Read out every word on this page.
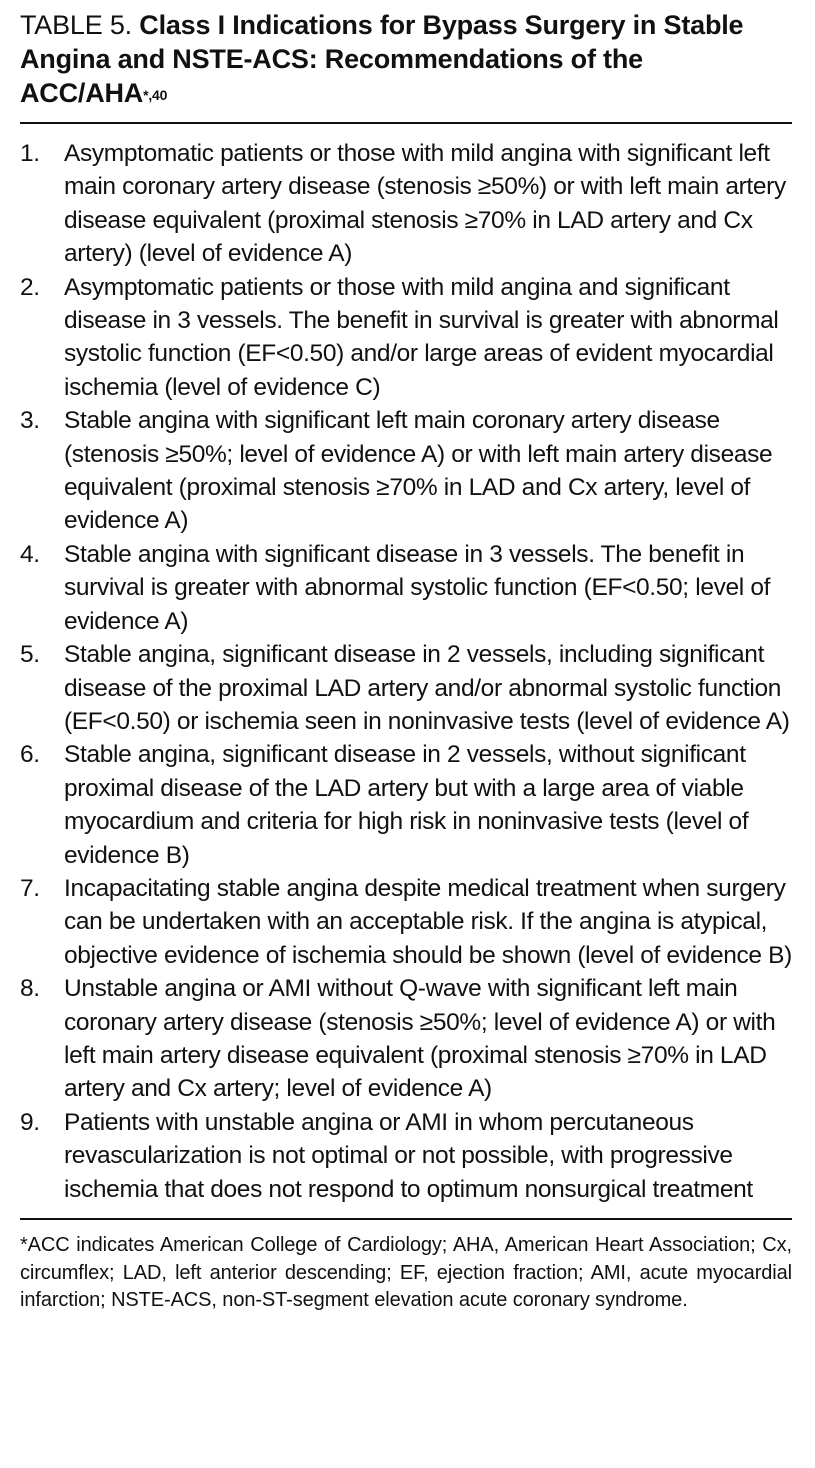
TABLE 5. Class I Indications for Bypass Surgery in Stable Angina and NSTE-ACS: Recommendations of the ACC/$AHA^{*,40}$
1. Asymptomatic patients or those with mild angina with significant left main coronary artery disease (stenosis ≥50%) or with left main artery disease equivalent (proximal stenosis ≥70% in LAD artery and Cx artery) (level of evidence A)
2. Asymptomatic patients or those with mild angina and significant disease in 3 vessels. The benefit in survival is greater with abnormal systolic function (EF<0.50) and/or large areas of evident myocardial ischemia (level of evidence C)
3. Stable angina with significant left main coronary artery disease (stenosis ≥50%; level of evidence A) or with left main artery disease equivalent (proximal stenosis ≥70% in LAD and Cx artery, level of evidence A)
4. Stable angina with significant disease in 3 vessels. The benefit in survival is greater with abnormal systolic function (EF<0.50; level of evidence A)
5. Stable angina, significant disease in 2 vessels, including significant disease of the proximal LAD artery and/or abnormal systolic function (EF<0.50) or ischemia seen in noninvasive tests (level of evidence A)
6. Stable angina, significant disease in 2 vessels, without significant proximal disease of the LAD artery but with a large area of viable myocardium and criteria for high risk in noninvasive tests (level of evidence B)
7. Incapacitating stable angina despite medical treatment when surgery can be undertaken with an acceptable risk. If the angina is atypical, objective evidence of ischemia should be shown (level of evidence B)
8. Unstable angina or AMI without Q-wave with significant left main coronary artery disease (stenosis ≥50%; level of evidence A) or with left main artery disease equivalent (proximal stenosis ≥70% in LAD artery and Cx artery; level of evidence A)
9. Patients with unstable angina or AMI in whom percutaneous revascularization is not optimal or not possible, with progressive ischemia that does not respond to optimum nonsurgical treatment

*ACC indicates American College of Cardiology; AHA, American Heart Association; Cx, circumflex; LAD, left anterior descending; EF, ejection fraction; AMI, acute myocardial infarction; NSTE-ACS, non-ST-segment elevation acute coronary syndrome.
